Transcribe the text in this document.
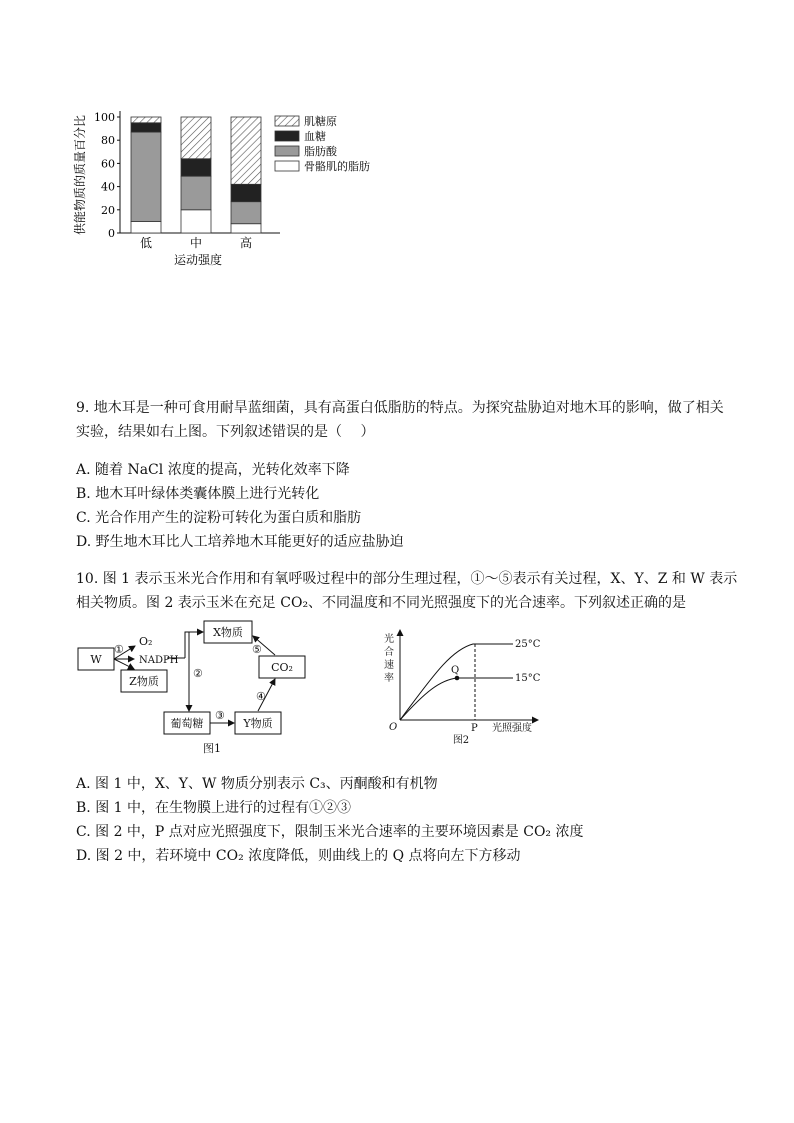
供能物质的质量百分比 0
20
40
60
80
100
低	中	高
运动强度
肌糖原
血糖
脂肪酸
骨骼肌的脂肪
9. 地木耳是一种可食用耐旱蓝细菌，具有高蛋白低脂肪的特点。为探究盐胁迫对地木耳的影响，做了相关
实验，结果如右上图。下列叙述错误的是（　 ）
A. 随着 NaCl 浓度的提高，光转化效率下降
B. 地木耳叶绿体类囊体膜上进行光转化
C. 光合作用产生的淀粉可转化为蛋白质和脂肪
D. 野生地木耳比人工培养地木耳能更好的适应盐胁迫
10. 图 1 表示玉米光合作用和有氧呼吸过程中的部分生理过程，①～⑤表示有关过程，X、Y、Z 和 W 表示
相关物质。图 2 表示玉米在充足 CO₂、不同温度和不同光照强度下的光合速率。下列叙述正确的是
W
X物质
Z物质
CO₂
葡萄糖	Y物质
O₂
NADPH
①
②
③
④
⑤
图1
光
合
速
率
O	P 光照强度
Q
25°C
15°C
图2
A. 图 1 中，X、Y、W 物质分别表示 C₃、丙酮酸和有机物
B. 图 1 中，在生物膜上进行的过程有①②③
C. 图 2 中，P 点对应光照强度下，限制玉米光合速率的主要环境因素是 CO₂ 浓度
D. 图 2 中，若环境中 CO₂ 浓度降低，则曲线上的 Q 点将向左下方移动
